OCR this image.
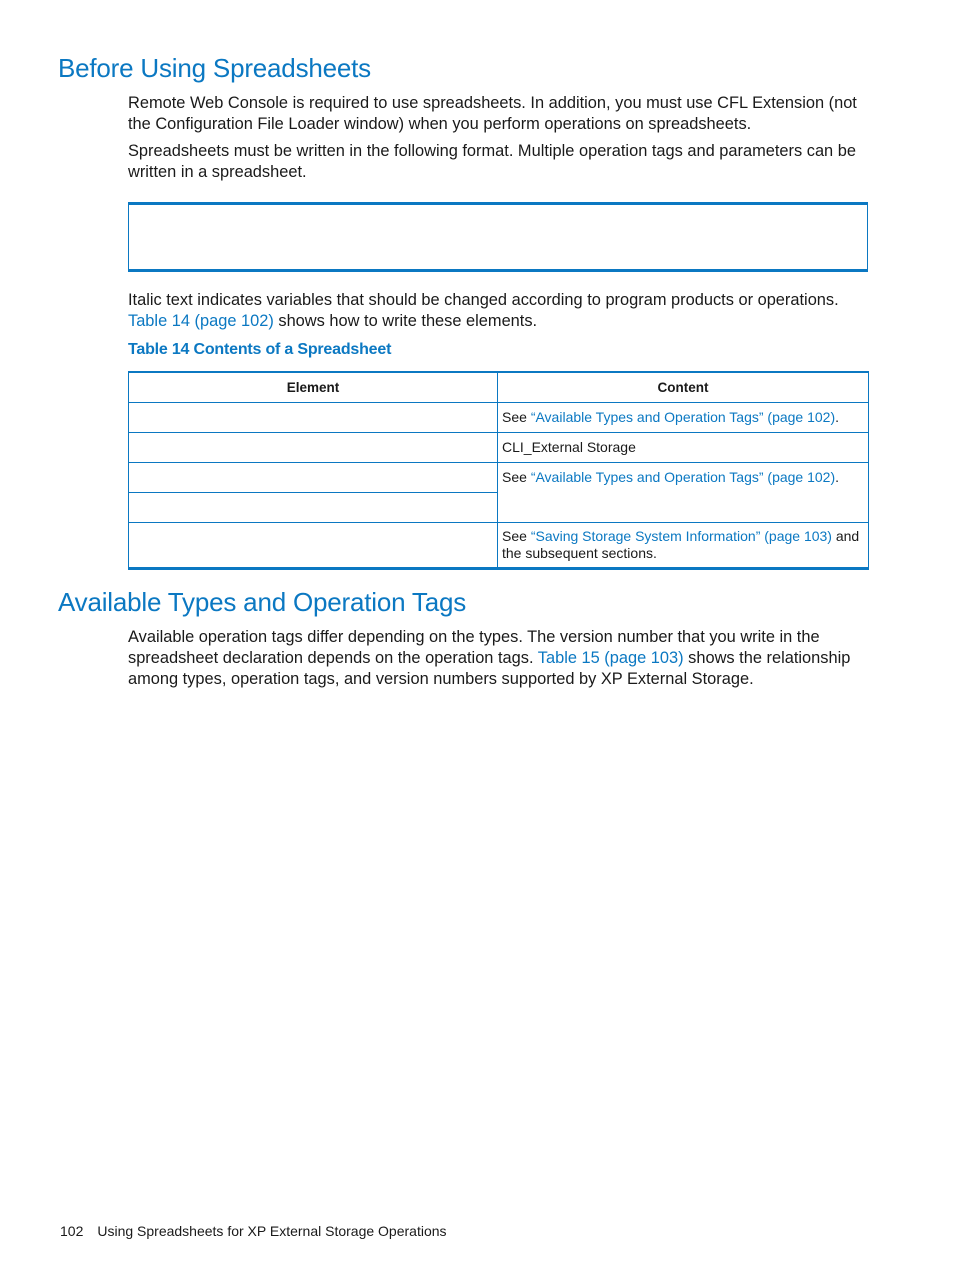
Before Using Spreadsheets

Remote Web Console is required to use spreadsheets. In addition, you must use CFL Extension (not the Configuration File Loader window) when you perform operations on spreadsheets.

Spreadsheets must be written in the following format. Multiple operation tags and parameters can be written in a spreadsheet.

Italic text indicates variables that should be changed according to program products or operations. Table 14 (page 102) shows how to write these elements.

Table 14 Contents of a Spreadsheet

Element	Content
	See “Available Types and Operation Tags” (page 102).
	CLI_External Storage
	See “Available Types and Operation Tags” (page 102).

	See “Saving Storage System Information” (page 103) and the subsequent sections.
Available Types and Operation Tags

Available operation tags differ depending on the types. The version number that you write in the spreadsheet declaration depends on the operation tags. Table 15 (page 103) shows the relationship among types, operation tags, and version numbers supported by XP External Storage.

102 Using Spreadsheets for XP External Storage Operations
